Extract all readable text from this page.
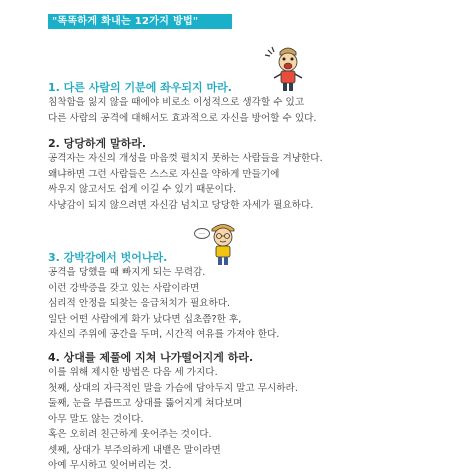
"똑똑하게 화내는 12가지 방법"
…
1. 다른 사람의 기분에 좌우되지 마라.
침착함을 잃지 않을 때에야 비로소 이성적으로 생각할 수 있고
다른 사람의 공격에 대해서도 효과적으로 자신을 방어할 수 있다.
2. 당당하게 말하라.
공격자는 자신의 개성을 마음껏 펼치지 못하는 사람들을 겨냥한다.
왜냐하면 그런 사람들은 스스로 자신을 약하게 만들기에
싸우지 않고서도 쉽게 이길 수 있기 때문이다.
사냥감이 되지 않으려면 자신감 넘치고 당당한 자세가 필요하다.
3. 강박감에서 벗어나라.
공격을 당했을 때 빠지게 되는 무력감.
이런 강박증을 갖고 있는 사람이라면
심리적 안정을 되찾는 응급처치가 필요하다.
일단 어떤 사람에게 화가 났다면 십초쯤?한 후,
자신의 주위에 공간을 두며, 시간적 여유를 가져야 한다.
4. 상대를 제풀에 지쳐 나가떨어지게 하라.
이를 위해 제시한 방법은 다음 세 가지다.
첫째, 상대의 자극적인 말을 가슴에 담아두지 말고 무시하라.
둘째, 눈을 부릅뜨고 상대를 뚫어지게 쳐다보며
아무 말도 않는 것이다.
혹은 오히려 친근하게 웃어주는 것이다.
셋째, 상대가 부주의하게 내뱉은 말이라면
아예 무시하고 잊어버리는 것.
